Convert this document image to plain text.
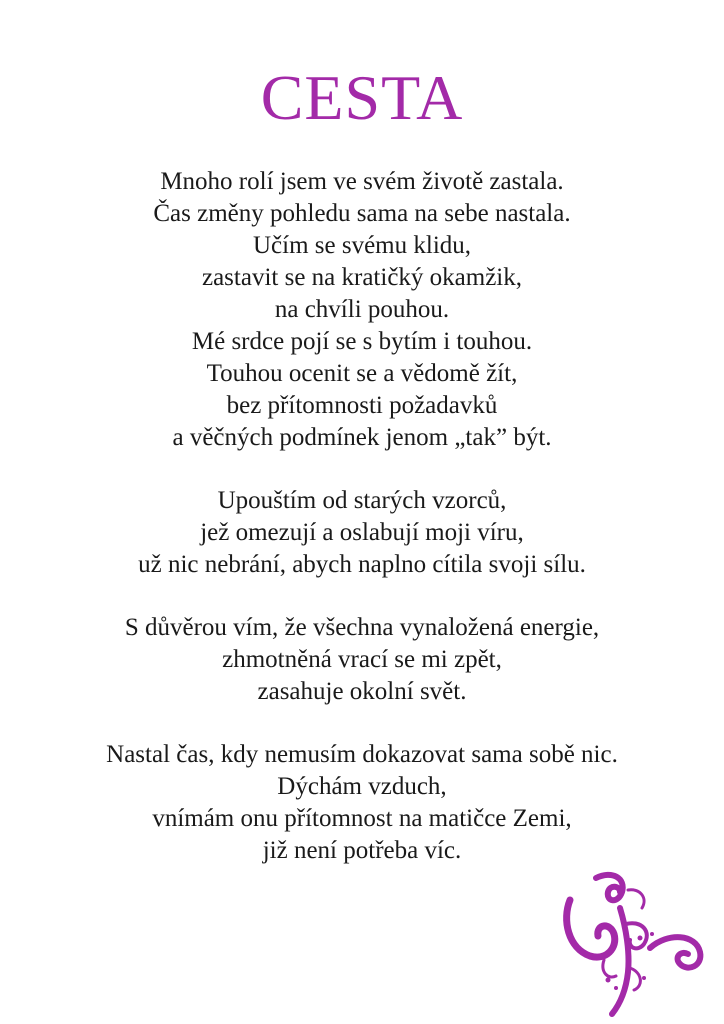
CESTA
Mnoho rolí jsem ve svém životě zastala.
Čas změny pohledu sama na sebe nastala.
Učím se svému klidu,
zastavit se na kratičký okamžik,
na chvíli pouhou.
Mé srdce pojí se s bytím i touhou.
Touhou ocenit se a vědomě žít,
bez přítomnosti požadavků
a věčných podmínek jenom „tak” být.
Upouštím od starých vzorců,
jež omezují a oslabují moji víru,
už nic nebrání, abych naplno cítila svoji sílu.
S důvěrou vím, že všechna vynaložená energie,
zhmotněná vrací se mi zpět,
zasahuje okolní svět.
Nastal čas, kdy nemusím dokazovat sama sobě nic.
Dýchám vzduch,
vnímám onu přítomnost na matičce Zemi,
již není potřeba víc.
